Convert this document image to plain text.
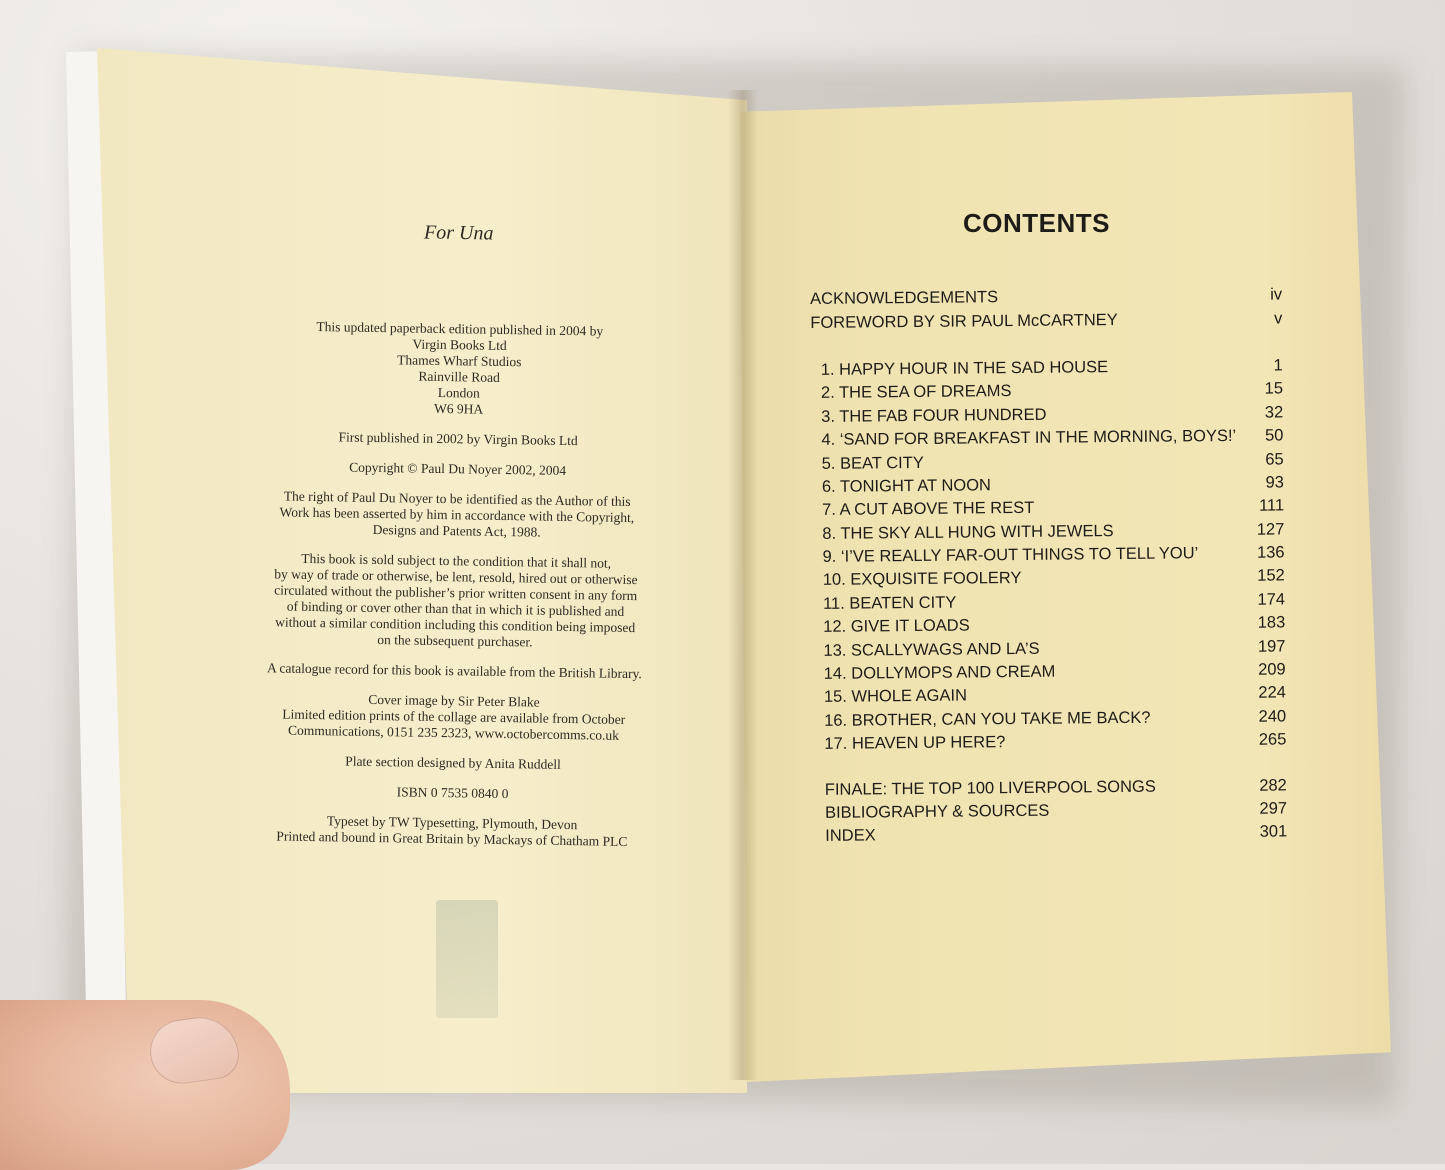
For Una

This updated paperback edition published in 2004 by
Virgin Books Ltd
Thames Wharf Studios
Rainville Road
London
W6 9HA

First published in 2002 by Virgin Books Ltd

Copyright © Paul Du Noyer 2002, 2004

The right of Paul Du Noyer to be identified as the Author of this
Work has been asserted by him in accordance with the Copyright,
Designs and Patents Act, 1988.

This book is sold subject to the condition that it shall not,
by way of trade or otherwise, be lent, resold, hired out or otherwise
circulated without the publisher’s prior written consent in any form
of binding or cover other than that in which it is published and
without a similar condition including this condition being imposed
on the subsequent purchaser.

A catalogue record for this book is available from the British Library.

Cover image by Sir Peter Blake
Limited edition prints of the collage are available from October
Communications, 0151 235 2323, www.octobercomms.co.uk

Plate section designed by Anita Ruddell

ISBN 0 7535 0840 0

Typeset by TW Typesetting, Plymouth, Devon
Printed and bound in Great Britain by Mackays of Chatham PLC

CONTENTS
ACKNOWLEDGEMENTS	iv
FOREWORD BY SIR PAUL McCARTNEY	v
1. HAPPY HOUR IN THE SAD HOUSE	1
2. THE SEA OF DREAMS	15
3. THE FAB FOUR HUNDRED	32
4. ‘SAND FOR BREAKFAST IN THE MORNING, BOYS!’	50
5. BEAT CITY	65
6. TONIGHT AT NOON	93
7. A CUT ABOVE THE REST	111
8. THE SKY ALL HUNG WITH JEWELS	127
9. ‘I’VE REALLY FAR-OUT THINGS TO TELL YOU’	136
10. EXQUISITE FOOLERY	152
11. BEATEN CITY	174
12. GIVE IT LOADS	183
13. SCALLYWAGS AND LA’S	197
14. DOLLYMOPS AND CREAM	209
15. WHOLE AGAIN	224
16. BROTHER, CAN YOU TAKE ME BACK?	240
17. HEAVEN UP HERE?	265
FINALE: THE TOP 100 LIVERPOOL SONGS	282
BIBLIOGRAPHY & SOURCES	297
INDEX	301
